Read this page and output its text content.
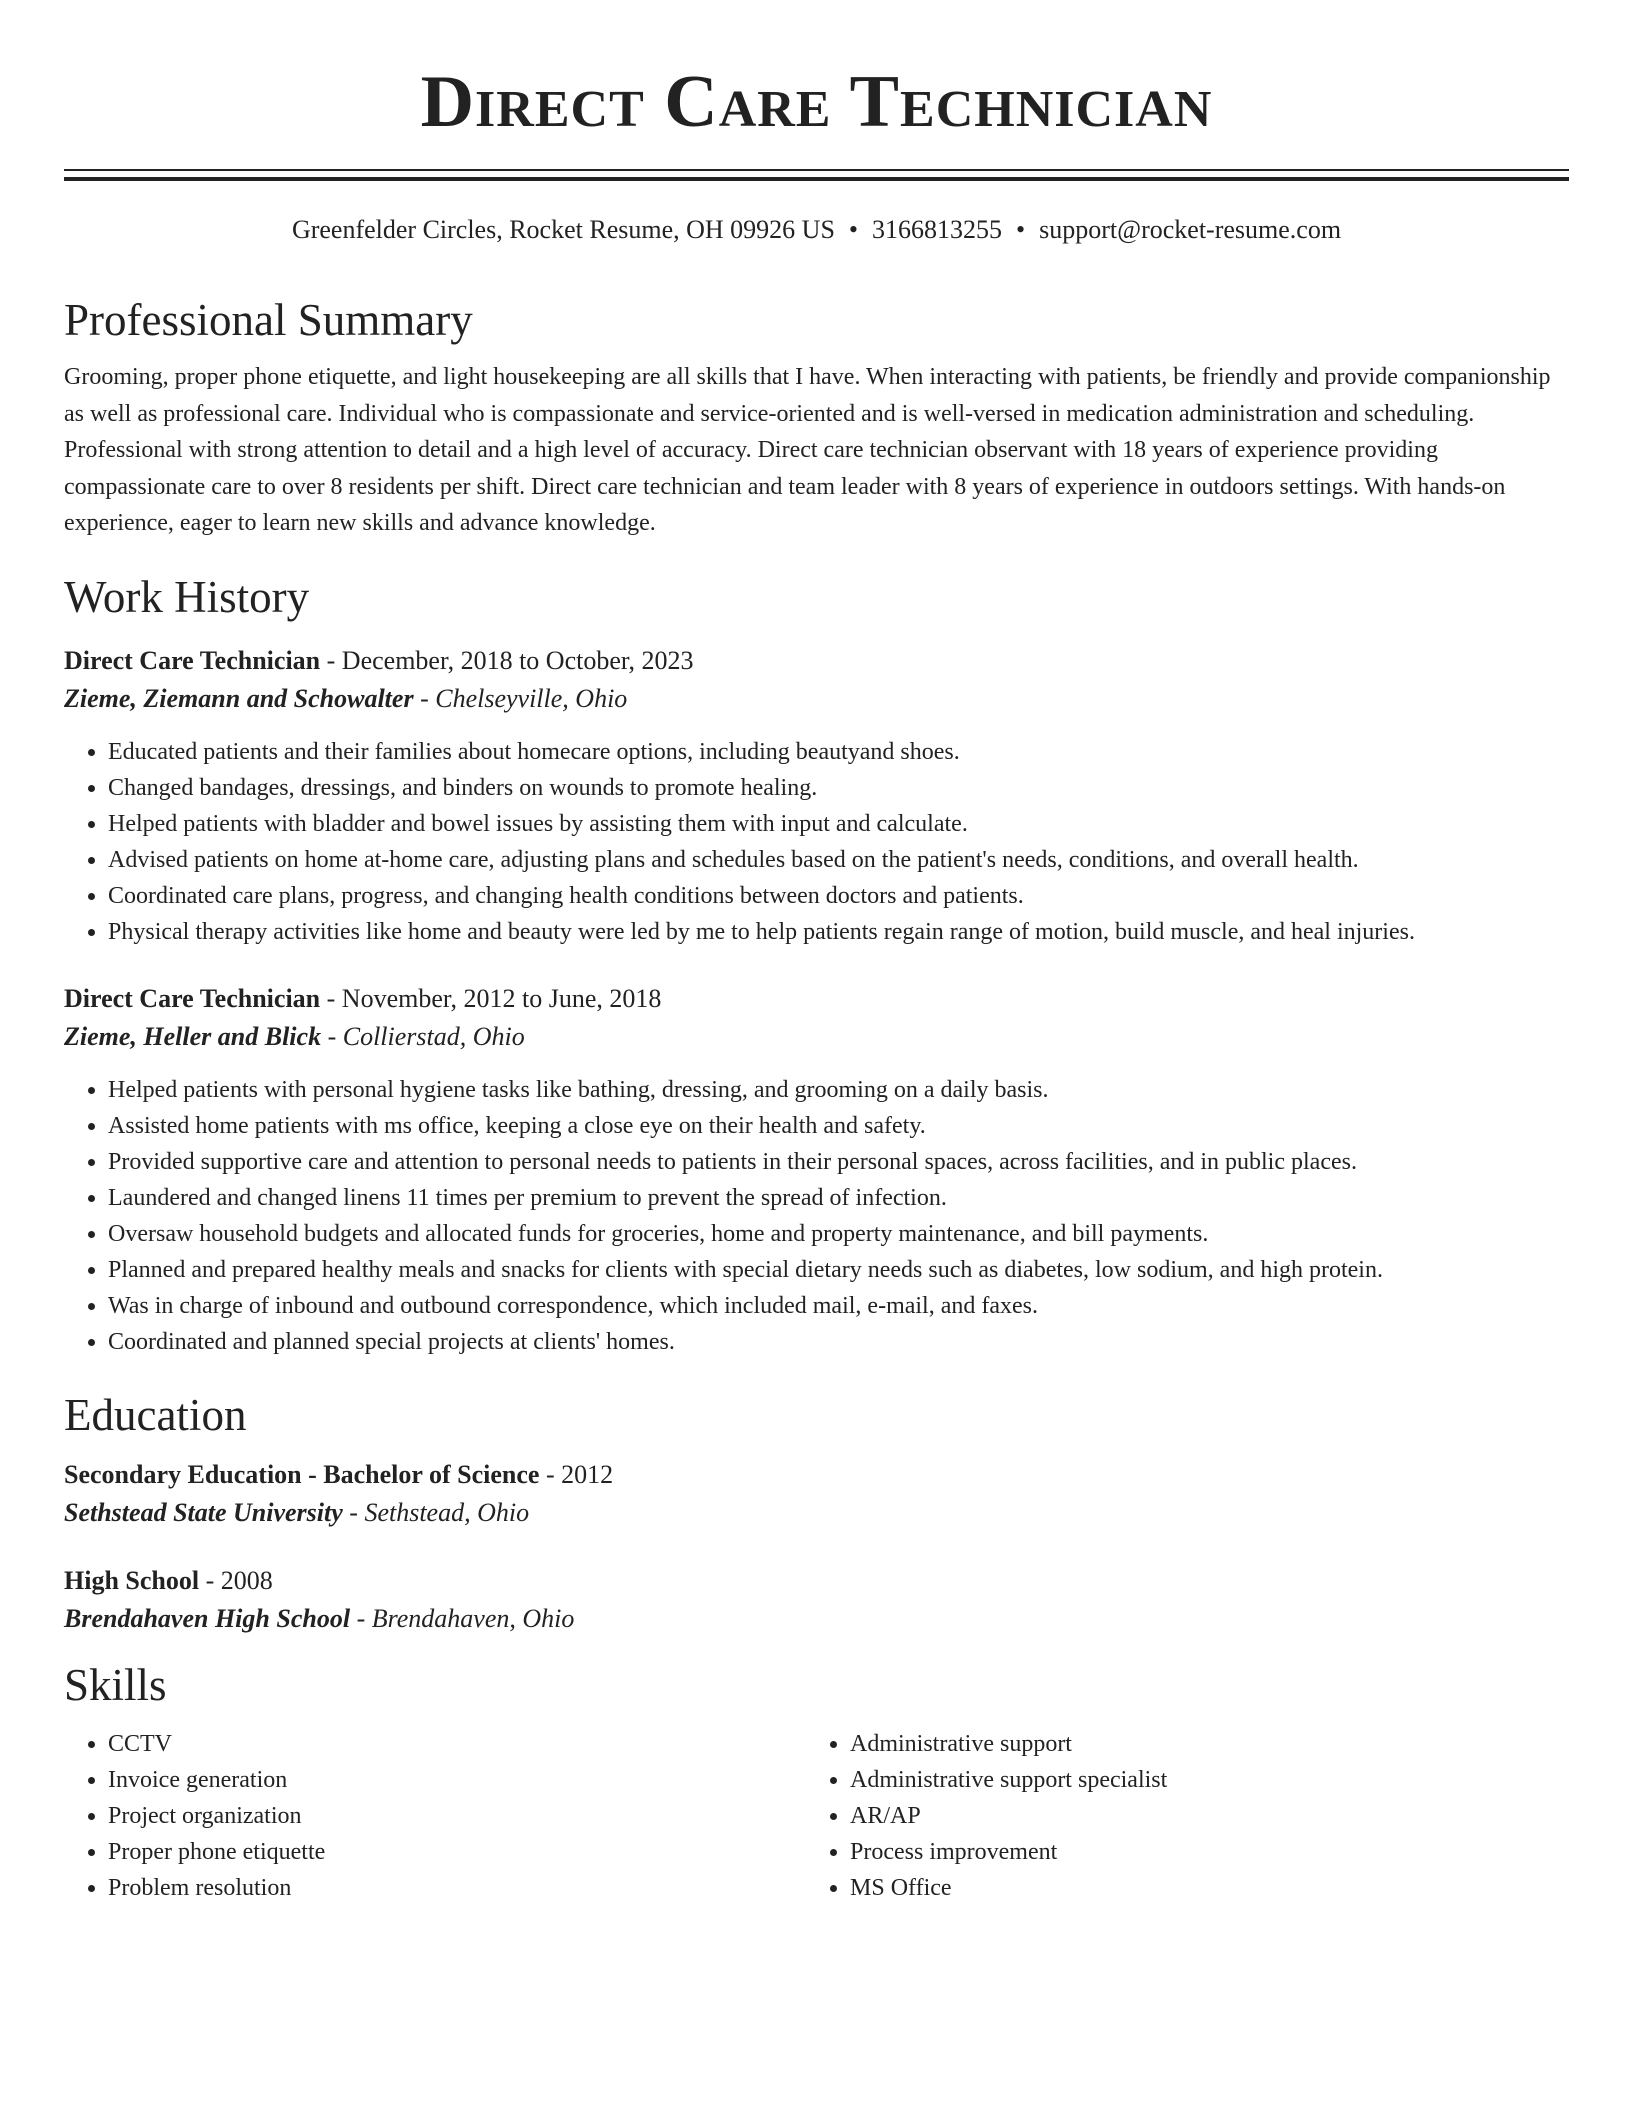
Direct Care Technician
Greenfelder Circles, Rocket Resume, OH 09926 US • 3166813255 • support@rocket-resume.com
Professional Summary

Grooming, proper phone etiquette, and light housekeeping are all skills that I have. When interacting with patients, be friendly and provide companionship as well as professional care. Individual who is compassionate and service-oriented and is well-versed in medication administration and scheduling. Professional with strong attention to detail and a high level of accuracy. Direct care technician observant with 18 years of experience providing compassionate care to over 8 residents per shift. Direct care technician and team leader with 8 years of experience in outdoors settings. With hands-on experience, eager to learn new skills and advance knowledge.

Work History

Direct Care Technician - December, 2018 to October, 2023

Zieme, Ziemann and Schowalter - Chelseyville, Ohio

• Educated patients and their families about homecare options, including beautyand shoes.
• Changed bandages, dressings, and binders on wounds to promote healing.
• Helped patients with bladder and bowel issues by assisting them with input and calculate.
• Advised patients on home at-home care, adjusting plans and schedules based on the patient's needs, conditions, and overall health.
• Coordinated care plans, progress, and changing health conditions between doctors and patients.
• Physical therapy activities like home and beauty were led by me to help patients regain range of motion, build muscle, and heal injuries.

Direct Care Technician - November, 2012 to June, 2018

Zieme, Heller and Blick - Collierstad, Ohio

• Helped patients with personal hygiene tasks like bathing, dressing, and grooming on a daily basis.
• Assisted home patients with ms office, keeping a close eye on their health and safety.
• Provided supportive care and attention to personal needs to patients in their personal spaces, across facilities, and in public places.
• Laundered and changed linens 11 times per premium to prevent the spread of infection.
• Oversaw household budgets and allocated funds for groceries, home and property maintenance, and bill payments.
• Planned and prepared healthy meals and snacks for clients with special dietary needs such as diabetes, low sodium, and high protein.
• Was in charge of inbound and outbound correspondence, which included mail, e-mail, and faxes.
• Coordinated and planned special projects at clients' homes.
Education

Secondary Education - Bachelor of Science - 2012

Sethstead State University - Sethstead, Ohio

High School - 2008

Brendahaven High School - Brendahaven, Ohio

Skills
• CCTV
• Invoice generation
• Project organization
• Proper phone etiquette
• Problem resolution
• Administrative support
• Administrative support specialist
• AR/AP
• Process improvement
• MS Office
